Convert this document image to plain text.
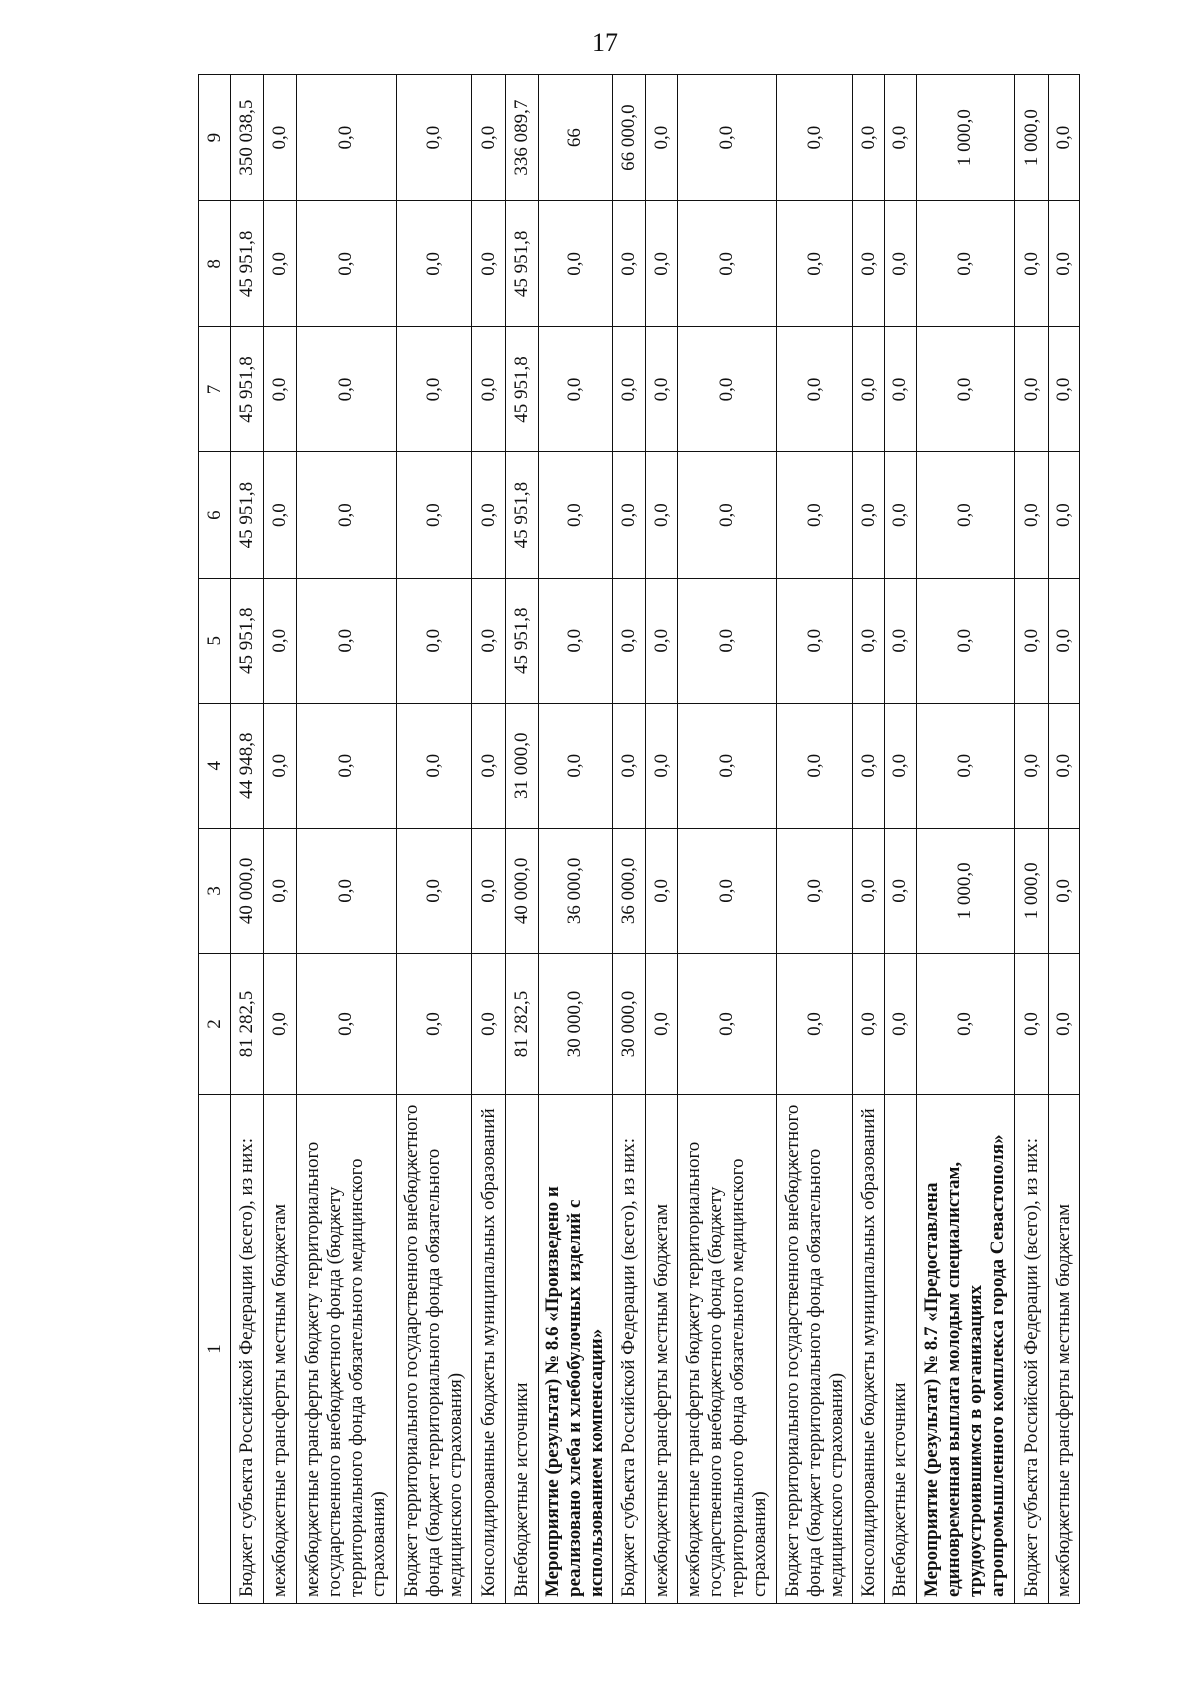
17
1	2	3	4	5	6	7	8	9
Бюджет субъекта Российской Федерации (всего), из них:	81 282,5	40 000,0	44 948,8	45 951,8	45 951,8	45 951,8	45 951,8	350 038,5
межбюджетные трансферты местным бюджетам	0,0	0,0	0,0	0,0	0,0	0,0	0,0	0,0
межбюджетные трансферты бюджету территориального государственного внебюджетного фонда (бюджету территориального фонда обязательного медицинского страхования)	0,0	0,0	0,0	0,0	0,0	0,0	0,0	0,0
Бюджет территориального государственного внебюджетного фонда (бюджет территориального фонда обязательного медицинского страхования)	0,0	0,0	0,0	0,0	0,0	0,0	0,0	0,0
Консолидированные бюджеты муниципальных образований	0,0	0,0	0,0	0,0	0,0	0,0	0,0	0,0
Внебюджетные источники	81 282,5	40 000,0	31 000,0	45 951,8	45 951,8	45 951,8	45 951,8	336 089,7
Мероприятие (результат) № 8.6 «Произведено и реализовано хлеба и хлебобулочных изделий с использованием компенсации»	30 000,0	36 000,0	0,0	0,0	0,0	0,0	0,0	66
Бюджет субъекта Российской Федерации (всего), из них:	30 000,0	36 000,0	0,0	0,0	0,0	0,0	0,0	66 000,0
межбюджетные трансферты местным бюджетам	0,0	0,0	0,0	0,0	0,0	0,0	0,0	0,0
межбюджетные трансферты бюджету территориального государственного внебюджетного фонда (бюджету территориального фонда обязательного медицинского страхования)	0,0	0,0	0,0	0,0	0,0	0,0	0,0	0,0
Бюджет территориального государственного внебюджетного фонда (бюджет территориального фонда обязательного медицинского страхования)	0,0	0,0	0,0	0,0	0,0	0,0	0,0	0,0
Консолидированные бюджеты муниципальных образований	0,0	0,0	0,0	0,0	0,0	0,0	0,0	0,0
Внебюджетные источники	0,0	0,0	0,0	0,0	0,0	0,0	0,0	0,0
Мероприятие (результат) № 8.7 «Предоставлена единовременная выплата молодым специалистам, трудоустроившимся в организациях агропромышленного комплекса города Севастополя»	0,0	1 000,0	0,0	0,0	0,0	0,0	0,0	1 000,0
Бюджет субъекта Российской Федерации (всего), из них:	0,0	1 000,0	0,0	0,0	0,0	0,0	0,0	1 000,0
межбюджетные трансферты местным бюджетам	0,0	0,0	0,0	0,0	0,0	0,0	0,0	0,0
